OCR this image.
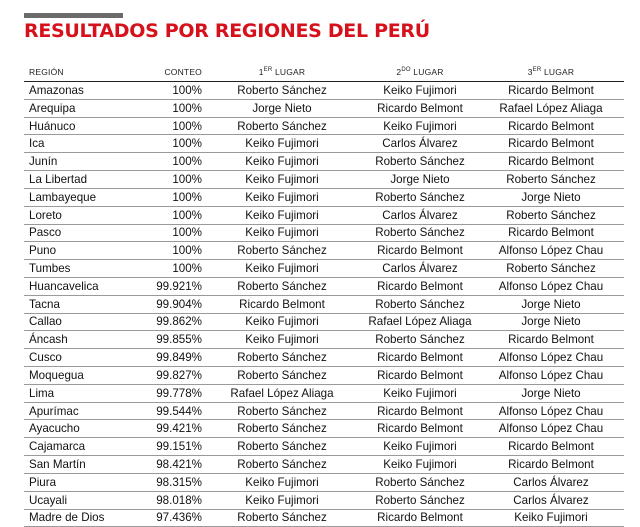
RESULTADOS POR REGIONES DEL PERÚ
REGIÓN	CONTEO	1ER LUGAR	$2^{DO}$ LUGAR	3ER LUGAR
Amazonas	100%	Roberto Sánchez	Keiko Fujimori	Ricardo Belmont
Arequipa	100%	Jorge Nieto	Ricardo Belmont	Rafael López Aliaga
Huánuco	100%	Roberto Sánchez	Keiko Fujimori	Ricardo Belmont
Ica	100%	Keiko Fujimori	Carlos Álvarez	Ricardo Belmont
Junín	100%	Keiko Fujimori	Roberto Sánchez	Ricardo Belmont
La Libertad	100%	Keiko Fujimori	Jorge Nieto	Roberto Sánchez
Lambayeque	100%	Keiko Fujimori	Roberto Sánchez	Jorge Nieto
Loreto	100%	Keiko Fujimori	Carlos Álvarez	Roberto Sánchez
Pasco	100%	Keiko Fujimori	Roberto Sánchez	Ricardo Belmont
Puno	100%	Roberto Sánchez	Ricardo Belmont	Alfonso López Chau
Tumbes	100%	Keiko Fujimori	Carlos Álvarez	Roberto Sánchez
Huancavelica	99.921%	Roberto Sánchez	Ricardo Belmont	Alfonso López Chau
Tacna	99.904%	Ricardo Belmont	Roberto Sánchez	Jorge Nieto
Callao	99.862%	Keiko Fujimori	Rafael López Aliaga	Jorge Nieto
Áncash	99.855%	Keiko Fujimori	Roberto Sánchez	Ricardo Belmont
Cusco	99.849%	Roberto Sánchez	Ricardo Belmont	Alfonso López Chau
Moquegua	99.827%	Roberto Sánchez	Ricardo Belmont	Alfonso López Chau
Lima	99.778%	Rafael López Aliaga	Keiko Fujimori	Jorge Nieto
Apurímac	99.544%	Roberto Sánchez	Ricardo Belmont	Alfonso López Chau
Ayacucho	99.421%	Roberto Sánchez	Ricardo Belmont	Alfonso López Chau
Cajamarca	99.151%	Roberto Sánchez	Keiko Fujimori	Ricardo Belmont
San Martín	98.421%	Roberto Sánchez	Keiko Fujimori	Ricardo Belmont
Piura	98.315%	Keiko Fujimori	Roberto Sánchez	Carlos Álvarez
Ucayali	98.018%	Keiko Fujimori	Roberto Sánchez	Carlos Álvarez
Madre de Dios	97.436%	Roberto Sánchez	Ricardo Belmont	Keiko Fujimori
